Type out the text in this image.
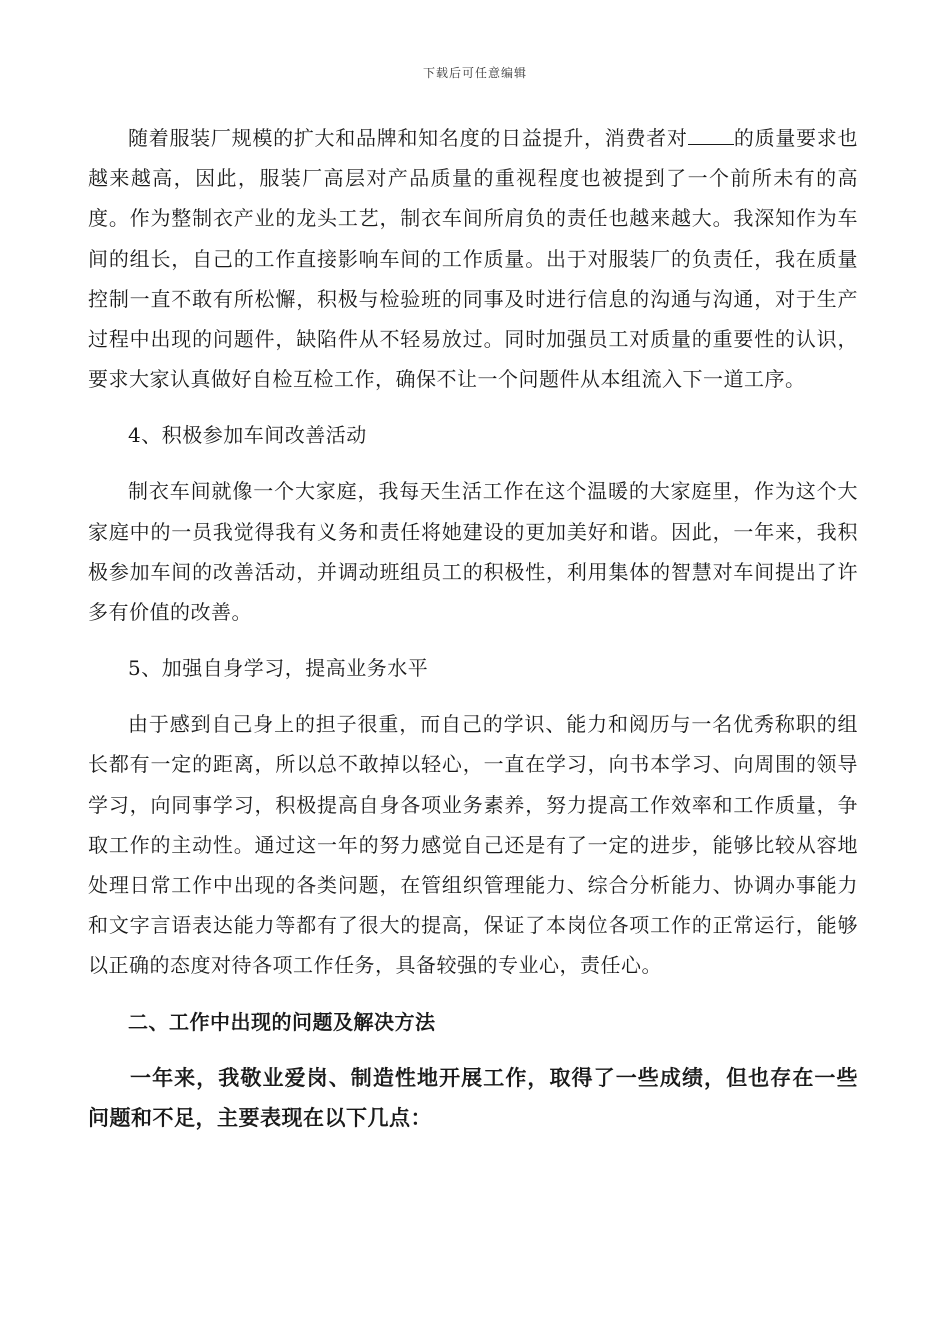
下载后可任意编辑

随着服装厂规模的扩大和品牌和知名度的日益提升，消费者对 的质量要求也越来越高，因此，服装厂高层对产品质量的重视程度也被提到了一个前所未有的高度。作为整制衣产业的龙头工艺，制衣车间所肩负的责任也越来越大。我深知作为车间的组长，自己的工作直接影响车间的工作质量。出于对服装厂的负责任，我在质量控制一直不敢有所松懈，积极与检验班的同事及时进行信息的沟通与沟通，对于生产过程中出现的问题件，缺陷件从不轻易放过。同时加强员工对质量的重要性的认识，要求大家认真做好自检互检工作，确保不让一个问题件从本组流入下一道工序。

4、积极参加车间改善活动

制衣车间就像一个大家庭，我每天生活工作在这个温暖的大家庭里，作为这个大家庭中的一员我觉得我有义务和责任将她建设的更加美好和谐。因此，一年来，我积极参加车间的改善活动，并调动班组员工的积极性，利用集体的智慧对车间提出了许多有价值的改善。

5、加强自身学习，提高业务水平

由于感到自己身上的担子很重，而自己的学识、能力和阅历与一名优秀称职的组长都有一定的距离，所以总不敢掉以轻心，一直在学习，向书本学习、向周围的领导学习，向同事学习，积极提高自身各项业务素养，努力提高工作效率和工作质量，争取工作的主动性。通过这一年的努力感觉自己还是有了一定的进步，能够比较从容地处理日常工作中出现的各类问题，在管组织管理能力、综合分析能力、协调办事能力和文字言语表达能力等都有了很大的提高，保证了本岗位各项工作的正常运行，能够以正确的态度对待各项工作任务，具备较强的专业心，责任心。

二、工作中出现的问题及解决方法

一年来，我敬业爱岗、制造性地开展工作，取得了一些成绩，但也存在一些问题和不足，主要表现在以下几点：
